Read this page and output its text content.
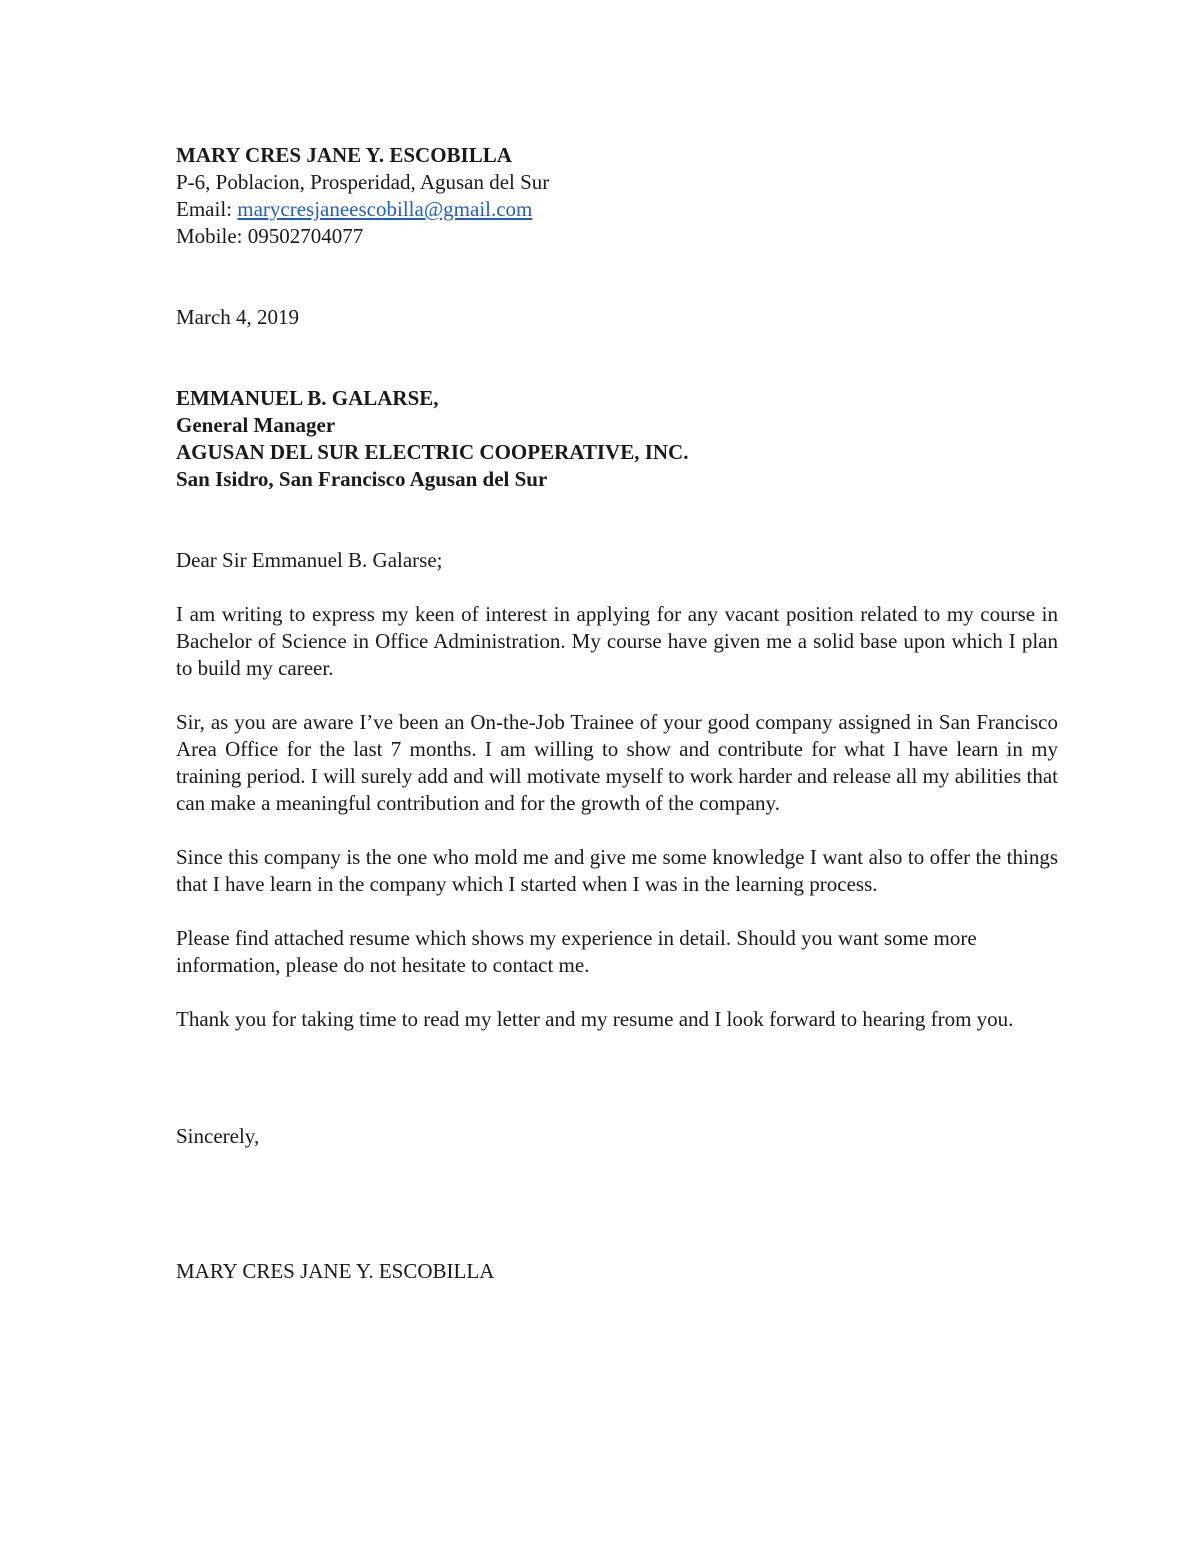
MARY CRES JANE Y. ESCOBILLA
P-6, Poblacion, Prosperidad, Agusan del Sur
Email: marycresjaneescobilla@gmail.com
Mobile: 09502704077
March 4, 2019
EMMANUEL B. GALARSE,
General Manager
AGUSAN DEL SUR ELECTRIC COOPERATIVE, INC.
San Isidro, San Francisco Agusan del Sur
Dear Sir Emmanuel B. Galarse;

I am writing to express my keen of interest in applying for any vacant position related to my course in Bachelor of Science in Office Administration. My course have given me a solid base upon which I plan to build my career.

Sir, as you are aware I’ve been an On-the-Job Trainee of your good company assigned in San Francisco Area Office for the last 7 months. I am willing to show and contribute for what I have learn in my training period. I will surely add and will motivate myself to work harder and release all my abilities that can make a meaningful contribution and for the growth of the company.

Since this company is the one who mold me and give me some knowledge I want also to offer the things that I have learn in the company which I started when I was in the learning process.

Please find attached resume which shows my experience in detail. Should you want some more information, please do not hesitate to contact me.

Thank you for taking time to read my letter and my resume and I look forward to hearing from you.

Sincerely,
MARY CRES JANE Y. ESCOBILLA
